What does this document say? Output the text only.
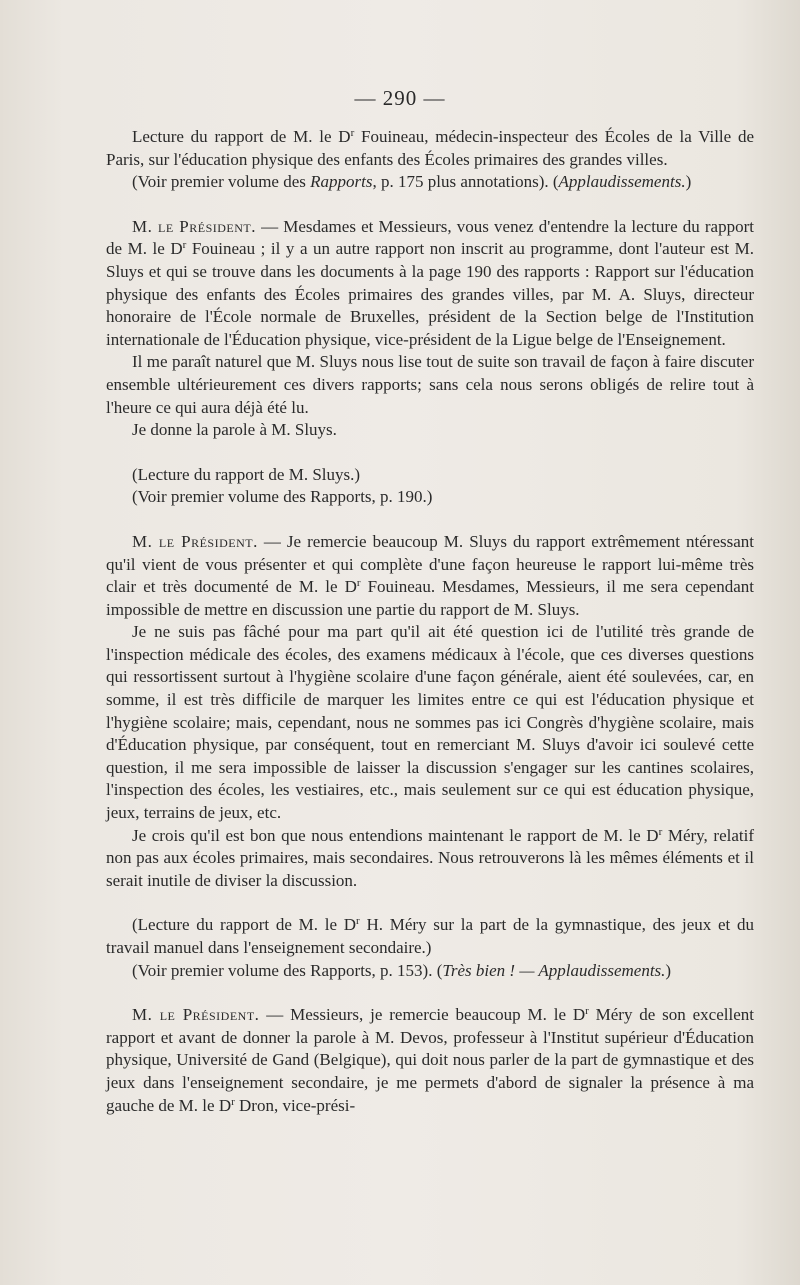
— 290 —

Lecture du rapport de M. le $D^r$ Fouineau, médecin-inspecteur des Écoles de la Ville de Paris, sur l'éducation physique des enfants des Écoles primaires des grandes villes.

(Voir premier volume des Rapports, p. 175 plus annotations). (Applaudissements.)

M. le Président. — Mesdames et Messieurs, vous venez d'entendre la lecture du rapport de M. le $D^r$ Fouineau ; il y a un autre rapport non inscrit au programme, dont l'auteur est M. Sluys et qui se trouve dans les documents à la page 190 des rapports : Rapport sur l'éducation physique des enfants des Écoles primaires des grandes villes, par M. A. Sluys, directeur honoraire de l'École normale de Bruxelles, président de la Section belge de l'Institution internationale de l'Éducation physique, vice-président de la Ligue belge de l'Enseignement.

Il me paraît naturel que M. Sluys nous lise tout de suite son travail de façon à faire discuter ensemble ultérieurement ces divers rapports; sans cela nous serons obligés de relire tout à l'heure ce qui aura déjà été lu.

Je donne la parole à M. Sluys.

(Lecture du rapport de M. Sluys.)

(Voir premier volume des Rapports, p. 190.)

M. le Président. — Je remercie beaucoup M. Sluys du rapport extrêmement ntéressant qu'il vient de vous présenter et qui complète d'une façon heureuse le rapport lui-même très clair et très documenté de M. le $D^r$ Fouineau. Mesdames, Messieurs, il me sera cependant impossible de mettre en discussion une partie du rapport de M. Sluys.

Je ne suis pas fâché pour ma part qu'il ait été question ici de l'utilité très grande de l'inspection médicale des écoles, des examens médicaux à l'école, que ces diverses questions qui ressortissent surtout à l'hygiène scolaire d'une façon générale, aient été soulevées, car, en somme, il est très difficile de marquer les limites entre ce qui est l'éducation physique et l'hygiène scolaire; mais, cependant, nous ne sommes pas ici Congrès d'hygiène scolaire, mais d'Éducation physique, par conséquent, tout en remerciant M. Sluys d'avoir ici soulevé cette question, il me sera impossible de laisser la discussion s'engager sur les cantines scolaires, l'inspection des écoles, les vestiaires, etc., mais seulement sur ce qui est éducation physique, jeux, terrains de jeux, etc.

Je crois qu'il est bon que nous entendions maintenant le rapport de M. le $D^r$ Méry, relatif non pas aux écoles primaires, mais secondaires. Nous retrouverons là les mêmes éléments et il serait inutile de diviser la discussion.

(Lecture du rapport de M. le $D^r$ H. Méry sur la part de la gymnastique, des jeux et du travail manuel dans l'enseignement secondaire.)

(Voir premier volume des Rapports, p. 153). (Très bien ! — Applaudissements.)

M. le Président. — Messieurs, je remercie beaucoup M. le $D^r$ Méry de son excellent rapport et avant de donner la parole à M. Devos, professeur à l'Institut supérieur d'Éducation physique, Université de Gand (Belgique), qui doit nous parler de la part de gymnastique et des jeux dans l'enseignement secondaire, je me permets d'abord de signaler la présence à ma gauche de M. le $D^r$ Dron, vice-prési-
